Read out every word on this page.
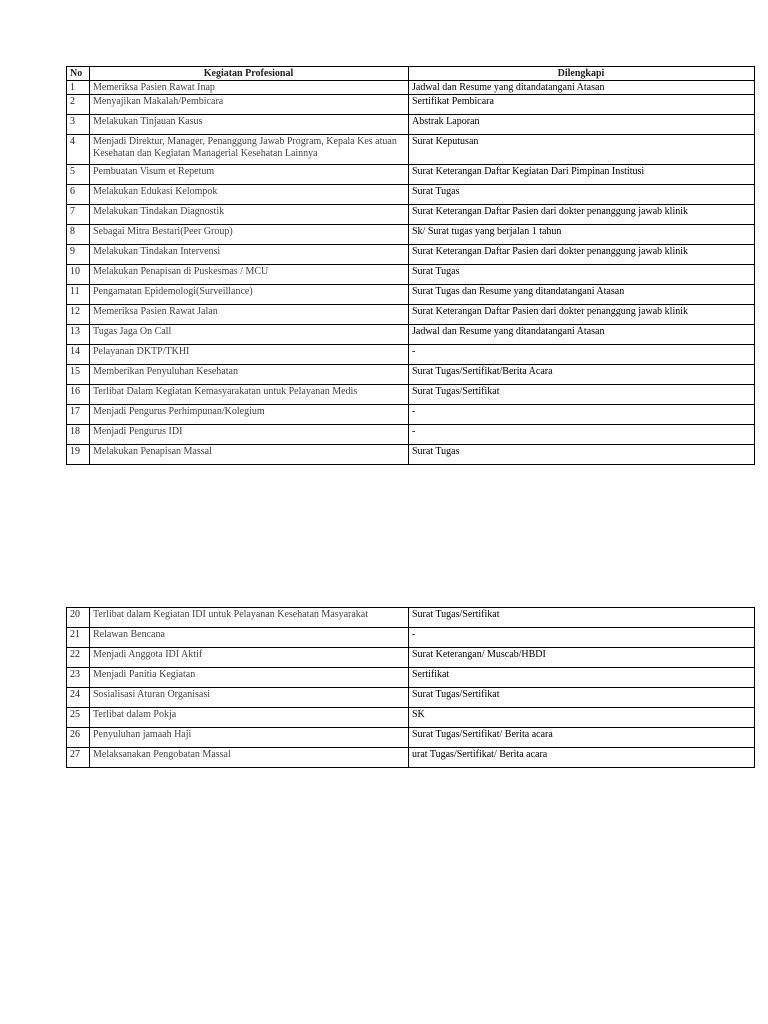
No	Kegiatan Profesional	Dilengkapi
1	Memeriksa Pasien Rawat Inap	Jadwal dan Resume yang ditandatangani Atasan
2	Menyajikan Makalah/Pembicara	Sertifikat Pembicara
3	Melakukan Tinjauan Kasus	Abstrak Laporan
4	Menjadi Direktur, Manager, Penanggung Jawab Program, Kepala Kes atuan Kesehatan dan Kegiatan Managerial Kesehatan Lainnya	Surat Keputusan
5	Pembuatan Visum et Repetum	Surat Keterangan Daftar Kegiatan Dari Pimpinan Institusi
6	Melakukan Edukasi Kelompok	Surat Tugas
7	Melakukan Tindakan Diagnostik	Surat Keterangan Daftar Pasien dari dokter penanggung jawab klinik
8	Sebagai Mitra Bestari(Peer Group)	Sk/ Surat tugas yang berjalan 1 tahun
9	Melakukan Tindakan Intervensi	Surat Keterangan Daftar Pasien dari dokter penanggung jawab klinik
10	Melakukan Penapisan di Puskesmas / MCU	Surat Tugas
11	Pengamatan Epidemologi(Surveillance)	Surat Tugas dan Resume yang ditandatangani Atasan
12	Memeriksa Pasien Rawat Jalan	Surat Keterangan Daftar Pasien dari dokter penanggung jawab klinik
13	Tugas Jaga On Call	Jadwal dan Resume yang ditandatangani Atasan
14	Pelayanan DKTP/TKHI	-
15	Memberikan Penyuluhan Kesehatan	Surat Tugas/Sertifikat/Berita Acara
16	Terlibat Dalam Kegiatan Kemasyarakatan untuk Pelayanan Medis	Surat Tugas/Sertifikat
17	Menjadi Pengurus Perhimpunan/Kolegium	-
18	Menjadi Pengurus IDI	-
19	Melakukan Penapisan Massal	Surat Tugas
20	Terlibat dalam Kegiatan IDI untuk Pelayanan Kesehatan Masyarakat	Surat Tugas/Sertifikat
21	Relawan Bencana	-
22	Menjadi Anggota IDI Aktif	Surat Keterangan/ Muscab/HBDI
23	Menjadi Panitia Kegiatan	Sertifikat
24	Sosialisasi Aturan Organisasi	Surat Tugas/Sertifikat
25	Terlibat dalam Pokja	SK
26	Penyuluhan jamaah Haji	Surat Tugas/Sertifikat/ Berita acara
27	Melaksanakan Pengobatan Massal	urat Tugas/Sertifikat/ Berita acara
